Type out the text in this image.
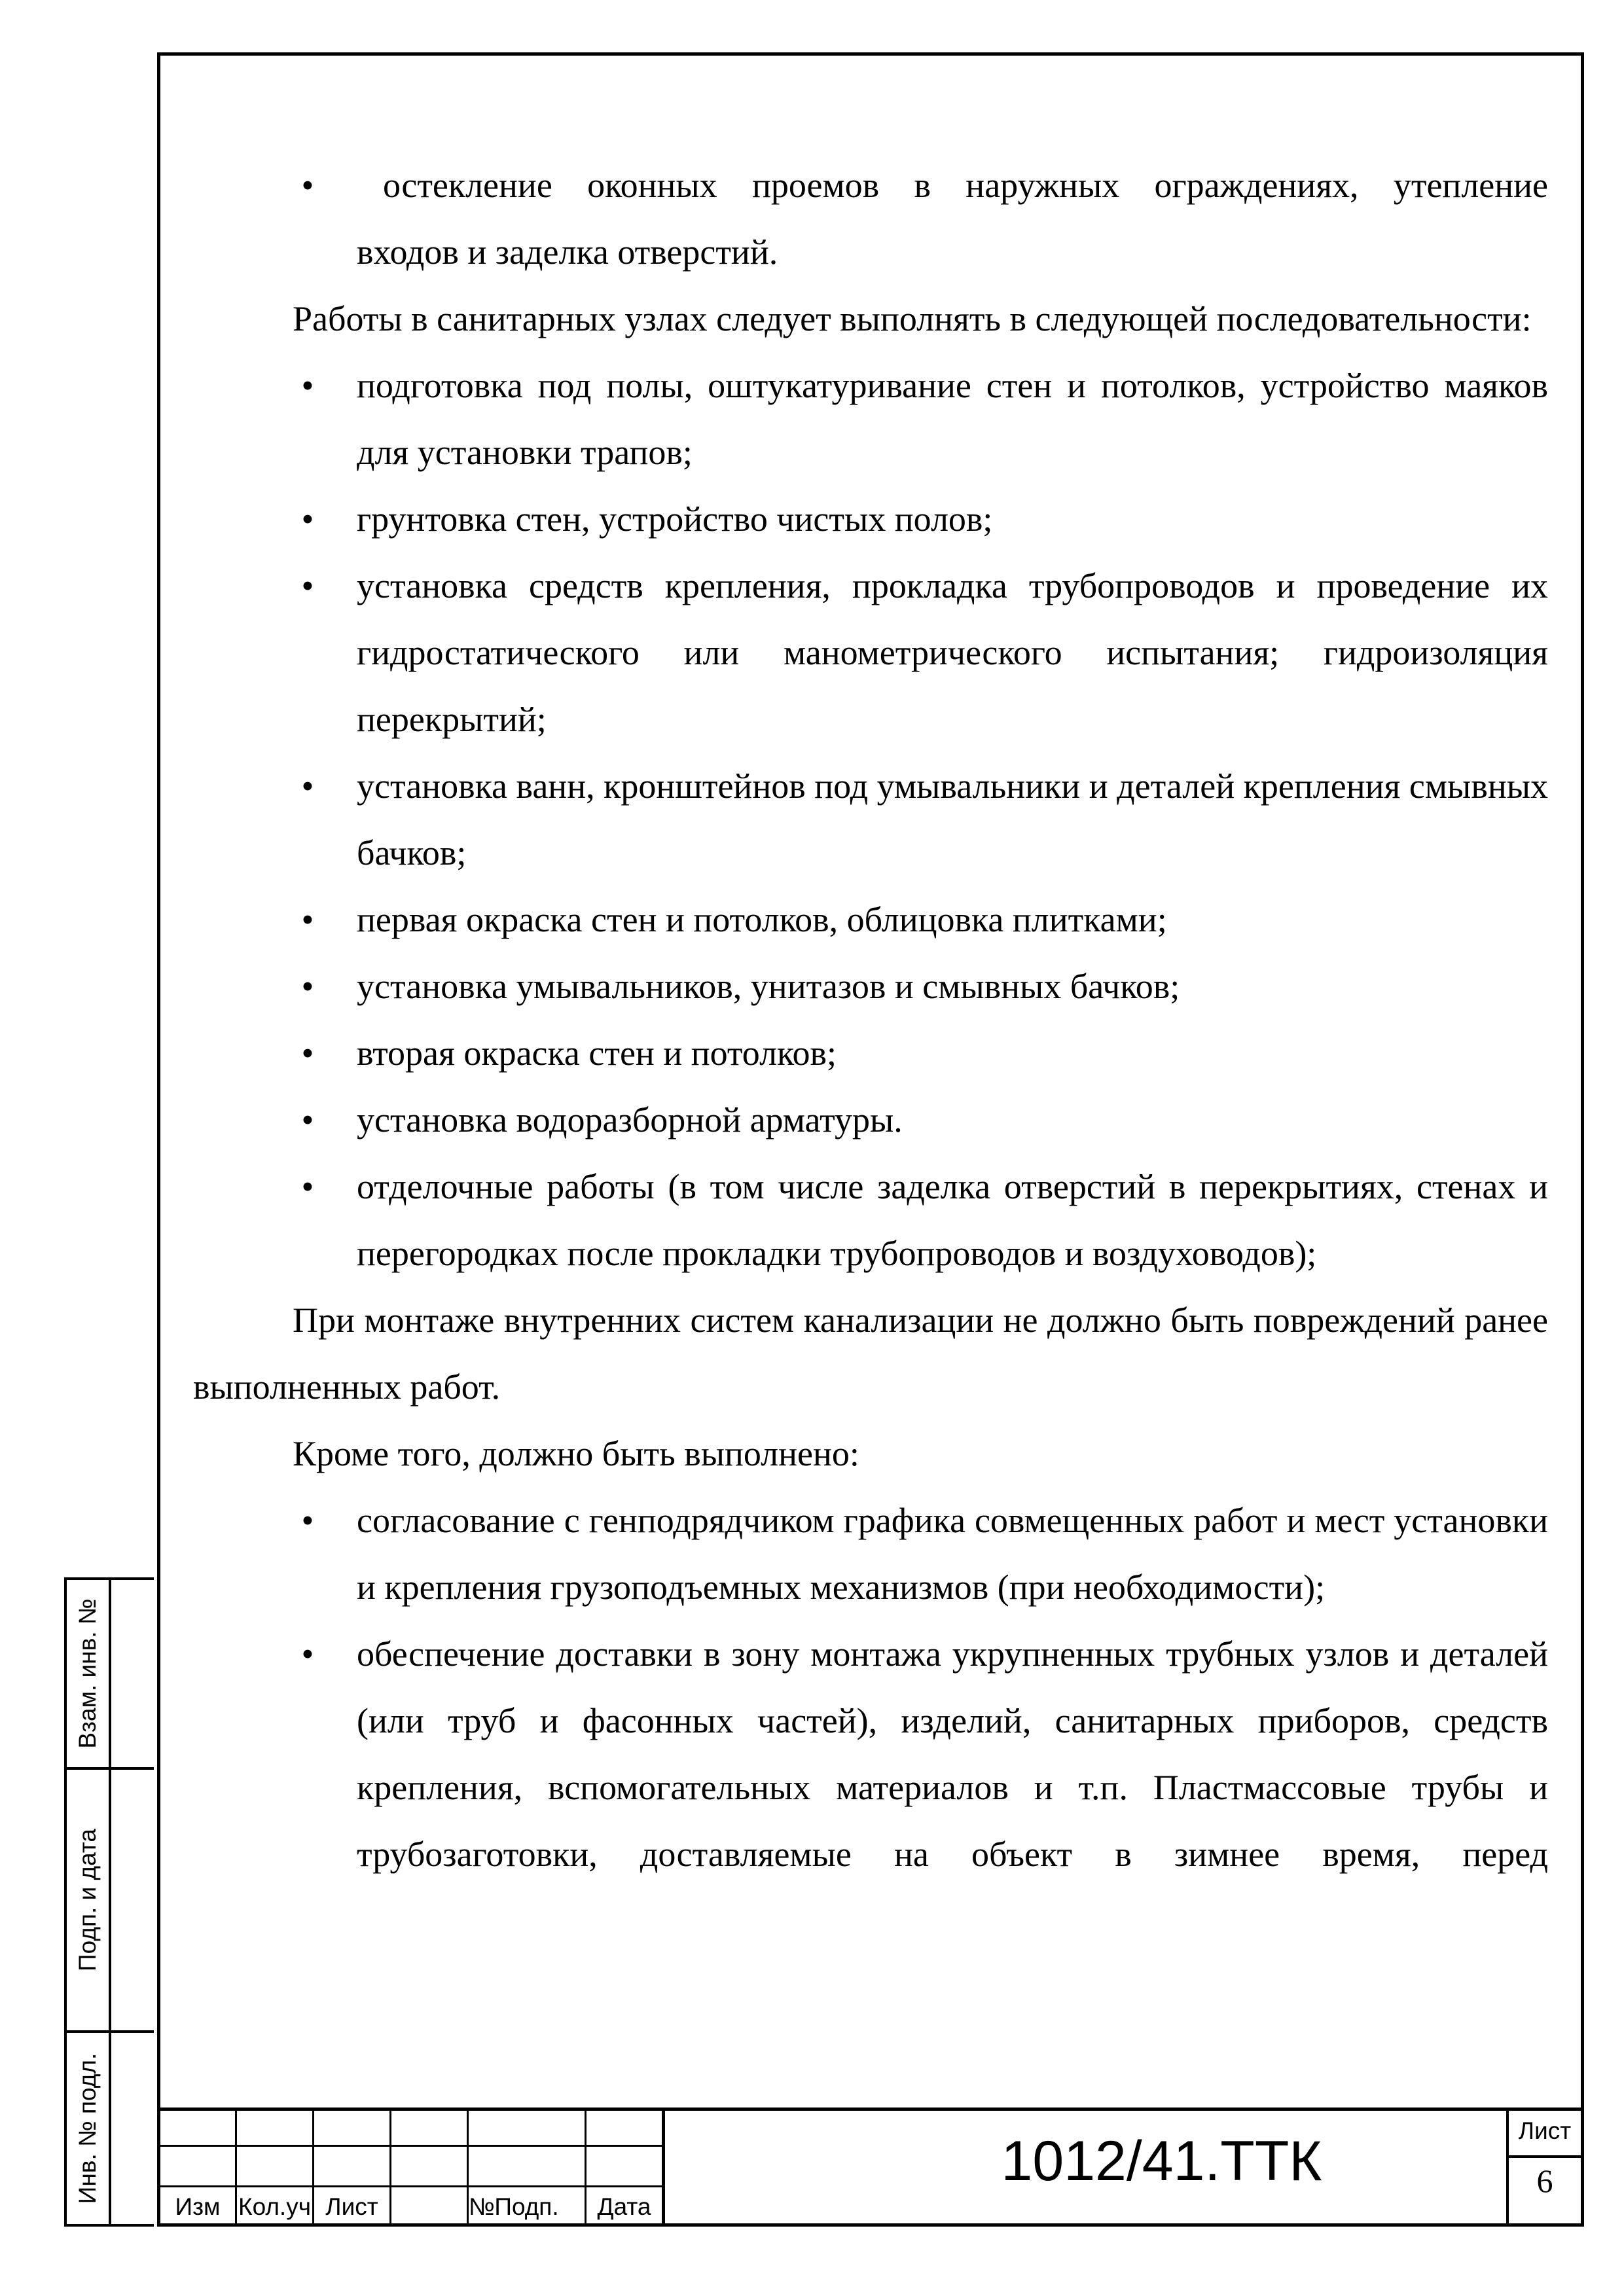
•	остекление оконных проемов в наружных ограждениях, утепление
входов и заделка отверстий.

Работы в санитарных узлах следует выполнять в следующей последовательности:

• подготовка под полы, оштукатуривание стен и потолков, устройство маяков для установки трапов;
• грунтовка стен, устройство чистых полов;
• установка средств крепления, прокладка трубопроводов и проведение их гидростатического или манометрического испытания; гидроизоляция перекрытий;
• установка ванн, кронштейнов под умывальники и деталей крепления смывных бачков;
• первая окраска стен и потолков, облицовка плитками;
• установка умывальников, унитазов и смывных бачков;
• вторая окраска стен и потолков;
• установка водоразборной арматуры.
• отделочные работы (в том числе заделка отверстий в перекрытиях, стенах и перегородках после прокладки трубопроводов и воздуховодов);

При монтаже внутренних систем канализации не должно быть повреждений ранее выполненных работ.

Кроме того, должно быть выполнено:

• согласование с генподрядчиком графика совмещенных работ и мест установки и крепления грузоподъемных механизмов (при необходимости);
• обеспечение доставки в зону монтажа укрупненных трубных узлов и деталей (или труб и фасонных частей), изделий, санитарных приборов, средств крепления, вспомогательных материалов и т.п. Пластмассовые трубы и трубозаготовки, доставляемые на объект в зимнее время, перед
Взам. инв. №
Подп. и дата
Инв. № подл.
Изм Кол.уч Лист	№ Подп.	Дата
1012/41.ТТК	Лист
6
